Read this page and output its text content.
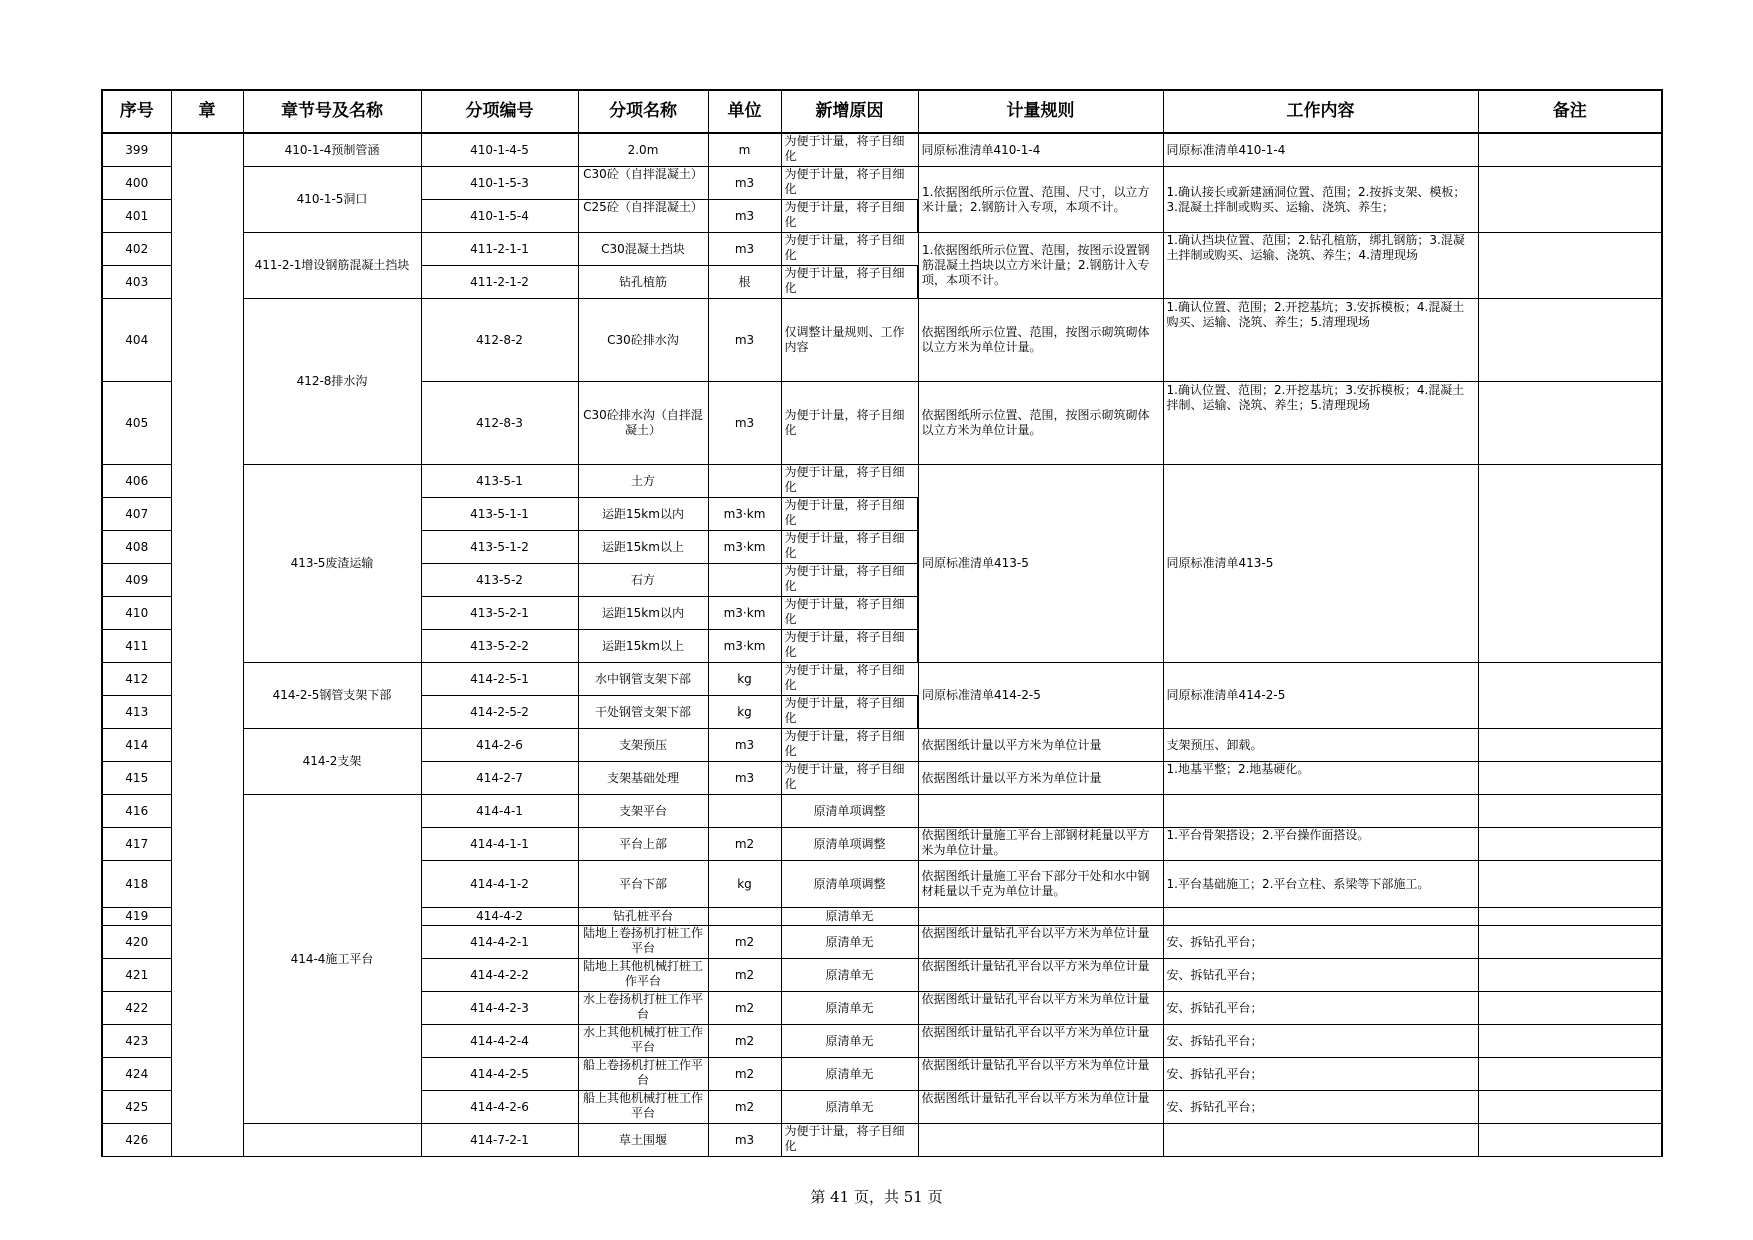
序号	章	章节号及名称	分项编号	分项名称	单位	新增原因	计量规则	工作内容	备注
399		410-1-4预制管涵	410-1-4-5	2.0m	m	为便于计量，将子目细化	同原标准清单410-1-4	同原标准清单410-1-4	
400		410-1-5洞口	410-1-5-3	C30砼（自拌混凝土）	m3	为便于计量，将子目细化	1.依据图纸所示位置、范围、尺寸，以立方米计量；2.钢筋计入专项，本项不计。	1.确认接长或新建涵洞位置、范围；2.按拆支架、模板；3.混凝土拌制或购买、运输、浇筑、养生；	
401			410-1-5-4	C25砼（自拌混凝土）	m3	为便于计量，将子目细化			

402		411-2-1增设钢筋混凝土挡块	411-2-1-1	C30混凝土挡块	m3	为便于计量，将子目细化	1.依据图纸所示位置、范围，按图示设置钢筋混凝土挡块以立方米计量；2.钢筋计入专项，本项不计。	1.确认挡块位置、范围；2.钻孔植筋，绑扎钢筋；3.混凝土拌制或购买、运输、浇筑、养生；4.清理现场	

403			411-2-1-2	钻孔植筋	根	为便于计量，将子目细化			

404		412-8排水沟	412-8-2	C30砼排水沟	m3	仅调整计量规则、工作内容	依据图纸所示位置、范围，按图示砌筑砌体以立方米为单位计量。	1.确认位置、范围；2.开挖基坑；3.安拆模板；4.混凝土购买、运输、浇筑、养生；5.清理现场	

405			412-8-3	C30砼排水沟（自拌混凝土）	m3	为便于计量，将子目细化	依据图纸所示位置、范围，按图示砌筑砌体以立方米为单位计量。	1.确认位置、范围；2.开挖基坑；3.安拆模板；4.混凝土拌制、运输、浇筑、养生；5.清理现场	

406		413-5废渣运输	413-5-1	土方		为便于计量，将子目细化	同原标准清单413-5	同原标准清单413-5	
407			413-5-1-1	运距15km以内	m3·km	为便于计量，将子目细化			

408			413-5-1-2	运距15km以上	m3·km	为便于计量，将子目细化			

409			413-5-2	石方		为便于计量，将子目细化			

410			413-5-2-1	运距15km以内	m3·km	为便于计量，将子目细化			

411			413-5-2-2	运距15km以上	m3·km	为便于计量，将子目细化			

412		414-2-5钢管支架下部	414-2-5-1	水中钢管支架下部	kg	为便于计量，将子目细化	同原标准清单414-2-5	同原标准清单414-2-5	
413			414-2-5-2	干处钢管支架下部	kg	为便于计量，将子目细化			

414		414-2支架	414-2-6	支架预压	m3	为便于计量，将子目细化	依据图纸计量以平方米为单位计量	支架预压、卸载。	
415			414-2-7	支架基础处理	m3	为便于计量，将子目细化	依据图纸计量以平方米为单位计量	1.地基平整；2.地基硬化。	

416		414-4施工平台	414-4-1	支架平台		原清单项调整			
417			414-4-1-1	平台上部	m2	原清单项调整	依据图纸计量施工平台上部钢材耗量以平方米为单位计量。	1.平台骨架搭设；2.平台操作面搭设。	

418			414-4-1-2	平台下部	kg	原清单项调整	依据图纸计量施工平台下部分干处和水中钢材耗量以千克为单位计量。	1.平台基础施工；2.平台立柱、系梁等下部施工。	
419			414-4-2	钻孔桩平台		原清单无			
420			414-4-2-1	陆地上卷扬机打桩工作平台	m2	原清单无	依据图纸计量钻孔平台以平方米为单位计量	安、拆钻孔平台；	
421			414-4-2-2	陆地上其他机械打桩工作平台	m2	原清单无	依据图纸计量钻孔平台以平方米为单位计量	安、拆钻孔平台；	
422			414-4-2-3	水上卷扬机打桩工作平台	m2	原清单无	依据图纸计量钻孔平台以平方米为单位计量	安、拆钻孔平台；	
423			414-4-2-4	水上其他机械打桩工作平台	m2	原清单无	依据图纸计量钻孔平台以平方米为单位计量	安、拆钻孔平台；	
424			414-4-2-5	船上卷扬机打桩工作平台	m2	原清单无	依据图纸计量钻孔平台以平方米为单位计量	安、拆钻孔平台；	
425			414-4-2-6	船上其他机械打桩工作平台	m2	原清单无	依据图纸计量钻孔平台以平方米为单位计量	安、拆钻孔平台；	
426			414-7-2-1	草土围堰	m3	为便于计量，将子目细化			

第 41 页，共 51 页
